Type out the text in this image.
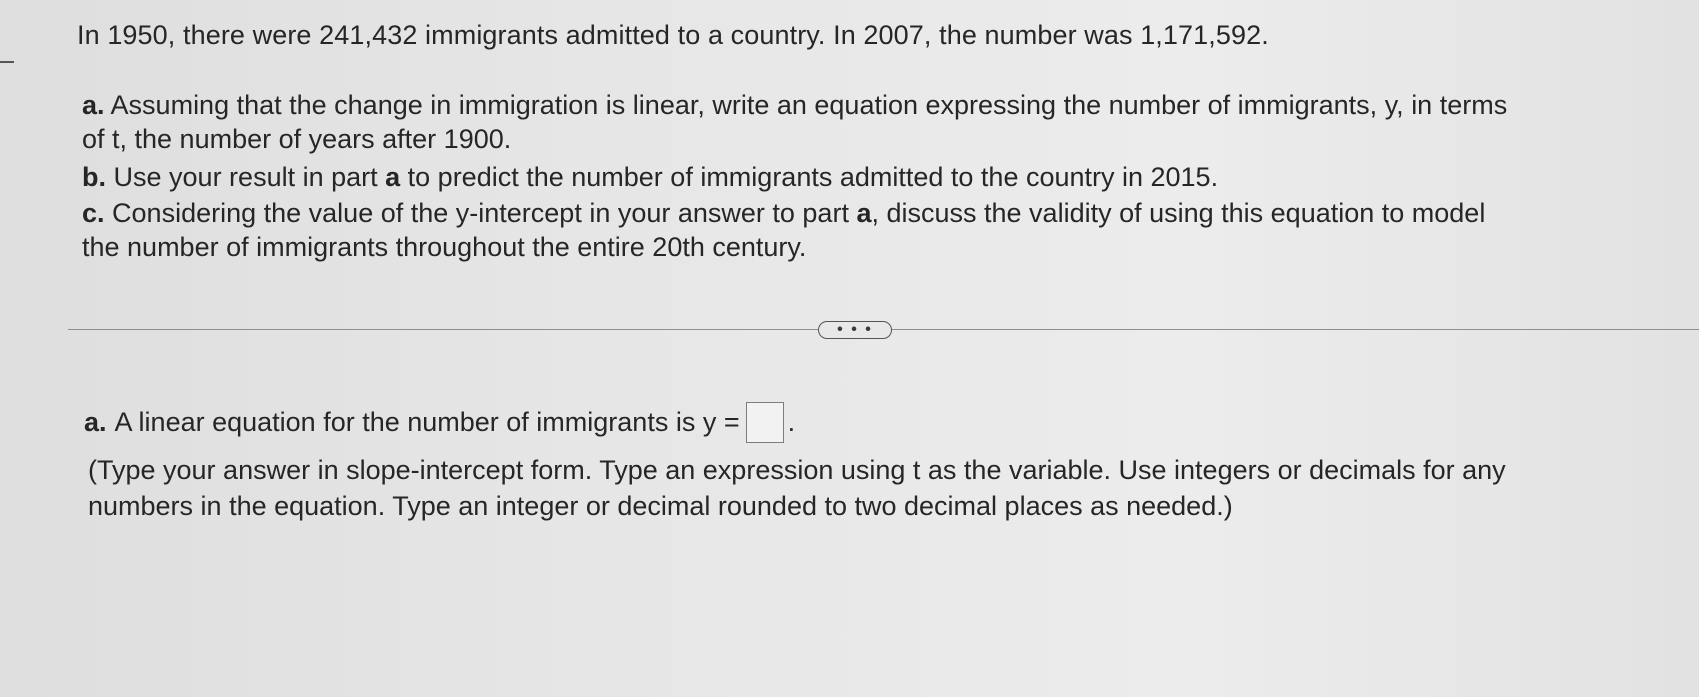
In 1950, there were 241,432 immigrants admitted to a country. In 2007, the number was 1,171,592.
a. Assuming that the change in immigration is linear, write an equation expressing the number of immigrants, y, in terms
of t, the number of years after 1900.
b. Use your result in part a to predict the number of immigrants admitted to the country in 2015.
c. Considering the value of the y-intercept in your answer to part a, discuss the validity of using this equation to model
the number of immigrants throughout the entire 20th century.
• • •
a. A linear equation for the number of immigrants is y = .
(Type your answer in slope-intercept form. Type an expression using t as the variable. Use integers or decimals for any
numbers in the equation. Type an integer or decimal rounded to two decimal places as needed.)
